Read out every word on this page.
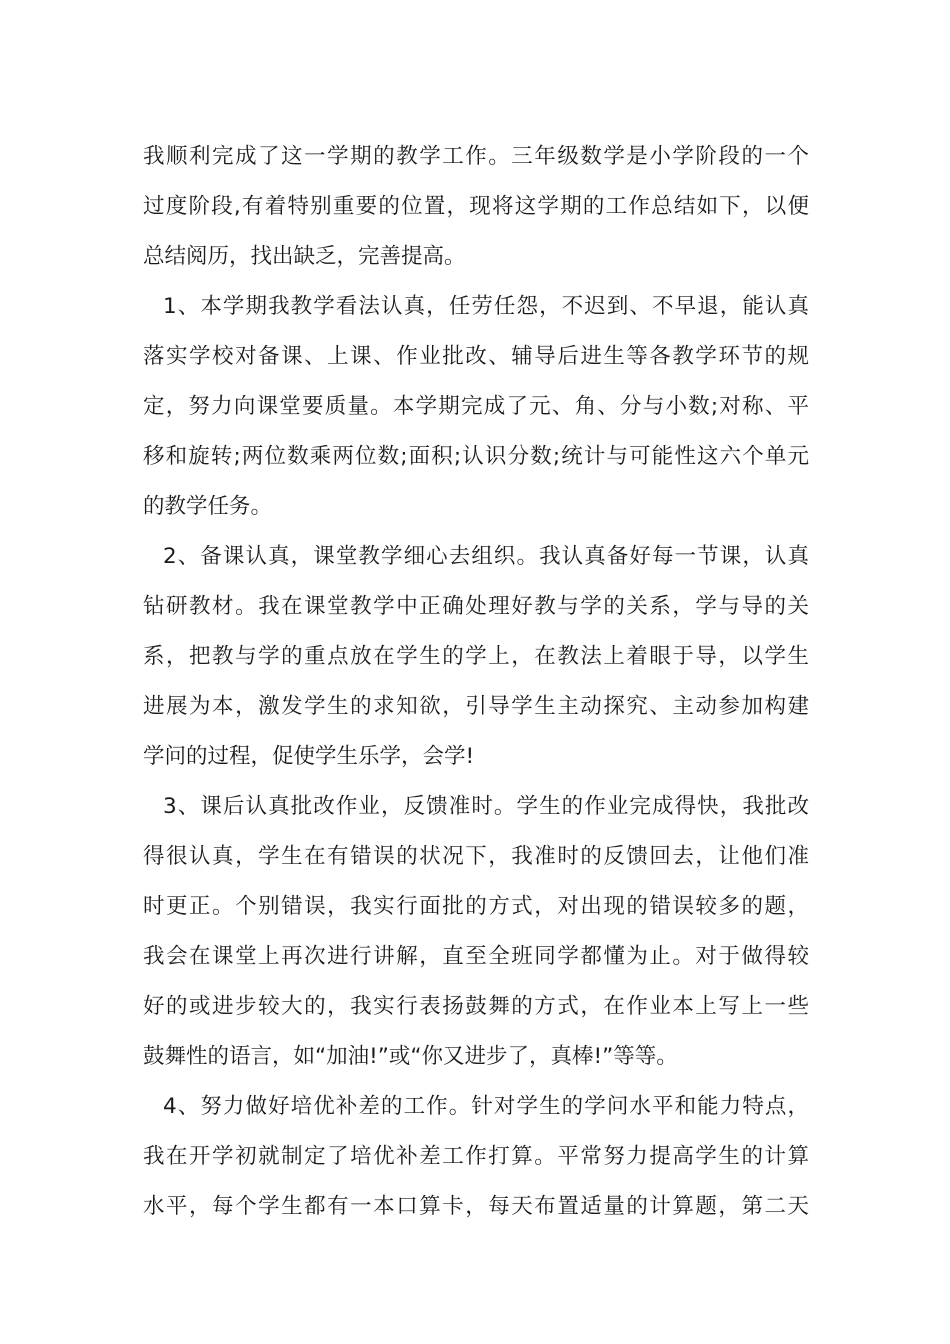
我顺利完成了这一学期的教学工作。三年级数学是小学阶段的一个
过度阶段,有着特别重要的位置，现将这学期的工作总结如下，以便
总结阅历，找出缺乏，完善提高。
1、本学期我教学看法认真，任劳任怨，不迟到、不早退，能认真
落实学校对备课、上课、作业批改、辅导后进生等各教学环节的规
定，努力向课堂要质量。本学期完成了元、角、分与小数;对称、平
移和旋转;两位数乘两位数;面积;认识分数;统计与可能性这六个单元
的教学任务。
2、备课认真，课堂教学细心去组织。我认真备好每一节课，认真
钻研教材。我在课堂教学中正确处理好教与学的关系，学与导的关
系，把教与学的重点放在学生的学上，在教法上着眼于导，以学生
进展为本，激发学生的求知欲，引导学生主动探究、主动参加构建
学问的过程，促使学生乐学，会学!
3、课后认真批改作业，反馈准时。学生的作业完成得快，我批改
得很认真，学生在有错误的状况下，我准时的反馈回去，让他们准
时更正。个别错误，我实行面批的方式，对出现的错误较多的题，
我会在课堂上再次进行讲解，直至全班同学都懂为止。对于做得较
好的或进步较大的，我实行表扬鼓舞的方式，在作业本上写上一些
鼓舞性的语言，如“加油!”或“你又进步了，真棒!”等等。
4、努力做好培优补差的工作。针对学生的学问水平和能力特点，
我在开学初就制定了培优补差工作打算。平常努力提高学生的计算
水平，每个学生都有一本口算卡，每天布置适量的计算题，第二天
